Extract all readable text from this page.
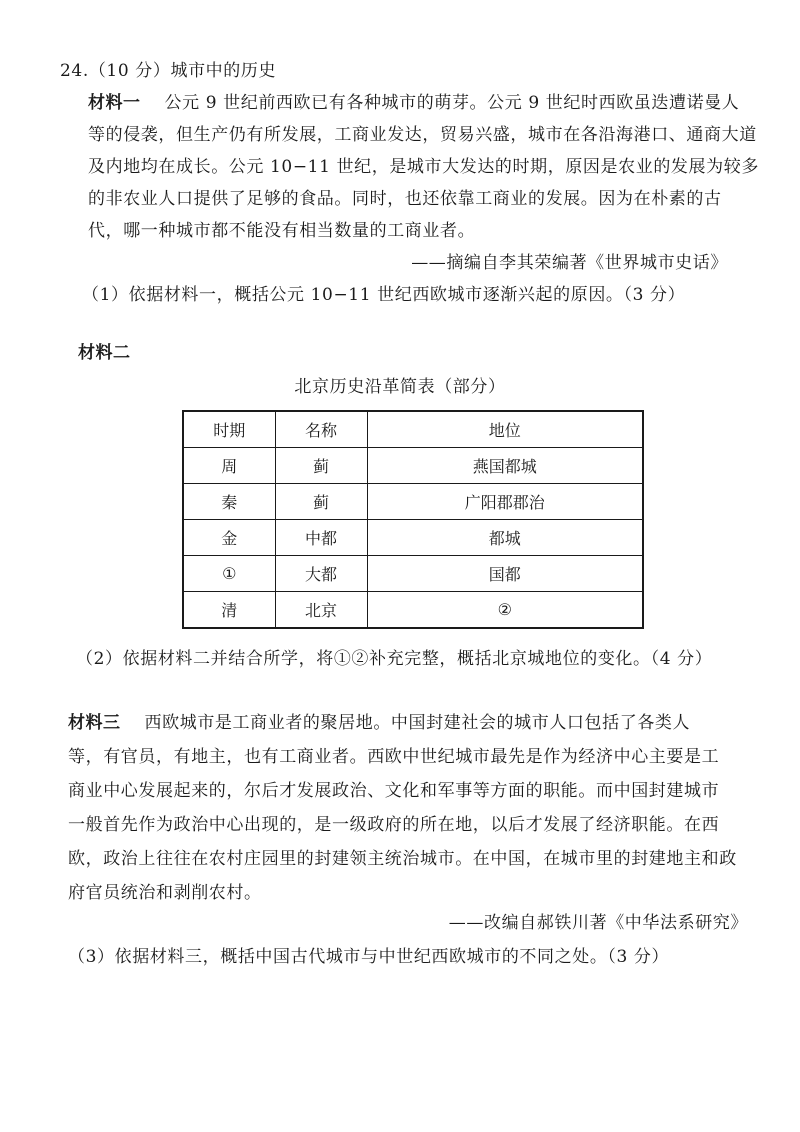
24.（10 分）城市中的历史
材料一 公元 9 世纪前西欧已有各种城市的萌芽。公元 9 世纪时西欧虽迭遭诺曼人
等的侵袭，但生产仍有所发展，工商业发达，贸易兴盛，城市在各沿海港口、通商大道
及内地均在成长。公元 10−11 世纪，是城市大发达的时期，原因是农业的发展为较多
的非农业人口提供了足够的食品。同时，也还依靠工商业的发展。因为在朴素的古
代，哪一种城市都不能没有相当数量的工商业者。
——摘编自李其荣编著《世界城市史话》
（1）依据材料一，概括公元 10−11 世纪西欧城市逐渐兴起的原因。（3 分）
材料二
北京历史沿革简表（部分）
时期	名称	地位
周	蓟	燕国都城
秦	蓟	广阳郡郡治
金	中都	都城
①	大都	国都
清	北京	②
（2）依据材料二并结合所学，将①②补充完整，概括北京城地位的变化。（4 分）
材料三 西欧城市是工商业者的聚居地。中国封建社会的城市人口包括了各类人
等，有官员，有地主，也有工商业者。西欧中世纪城市最先是作为经济中心主要是工
商业中心发展起来的，尔后才发展政治、文化和军事等方面的职能。而中国封建城市
一般首先作为政治中心出现的，是一级政府的所在地，以后才发展了经济职能。在西
欧，政治上往往在农村庄园里的封建领主统治城市。在中国，在城市里的封建地主和政
府官员统治和剥削农村。
——改编自郝铁川著《中华法系研究》
（3）依据材料三，概括中国古代城市与中世纪西欧城市的不同之处。（3 分）
